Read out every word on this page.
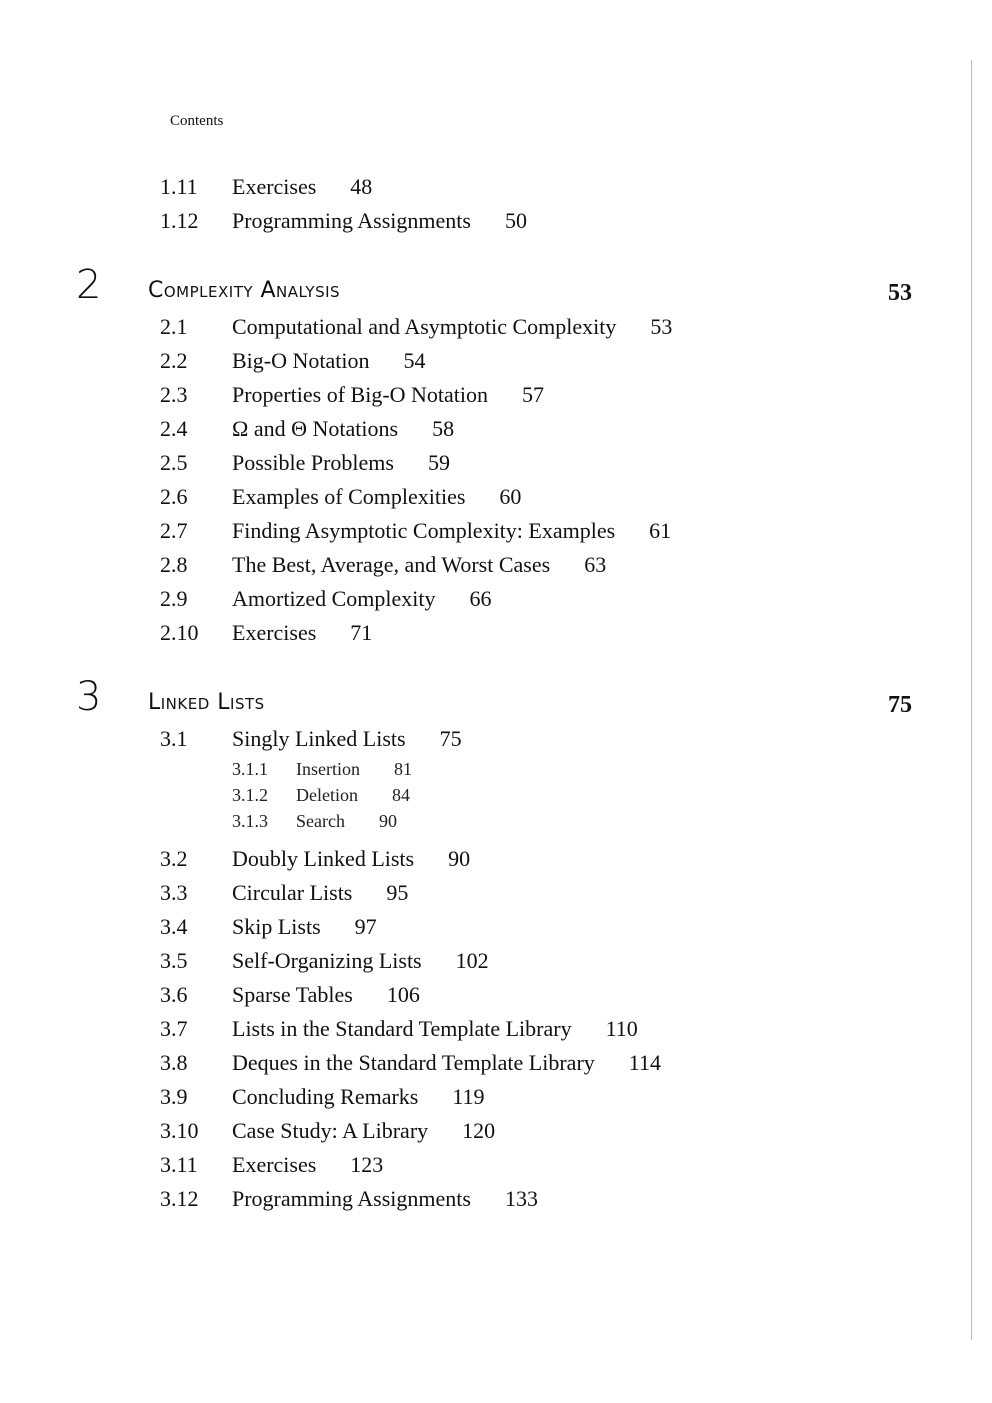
Contents
1.11 Exercises 48
1.12 Programming Assignments 50
2 Complexity Analysis	53
2.1 Computational and Asymptotic Complexity 53
2.2 Big-O Notation 54
2.3 Properties of Big-O Notation 57
2.4 Ω and Θ Notations 58
2.5 Possible Problems 59
2.6 Examples of Complexities 60
2.7 Finding Asymptotic Complexity: Examples 61
2.8 The Best, Average, and Worst Cases 63
2.9 Amortized Complexity 66
2.10 Exercises 71
3 Linked Lists	75
3.1 Singly Linked Lists 75
3.1.1 Insertion 81
3.1.2 Deletion 84
3.1.3 Search 90
3.2 Doubly Linked Lists 90
3.3 Circular Lists 95
3.4 Skip Lists 97
3.5 Self-Organizing Lists 102
3.6 Sparse Tables 106
3.7 Lists in the Standard Template Library 110
3.8 Deques in the Standard Template Library 114
3.9 Concluding Remarks 119
3.10 Case Study: A Library 120
3.11 Exercises 123
3.12 Programming Assignments 133
